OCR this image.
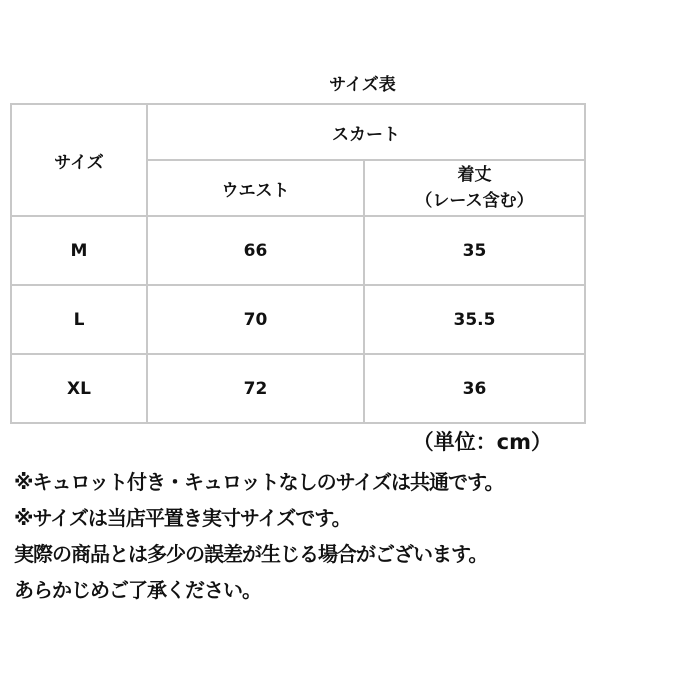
サイズ表
サイズ	スカート	
	ウエスト	着丈
（レース含む）

M	66	35
L	70	35.5
XL	72	36
（単位：cm）
※キュロット付き・キュロットなしのサイズは共通です。
※サイズは当店平置き実寸サイズです。
実際の商品とは多少の誤差が生じる場合がございます。
あらかじめご了承ください。
